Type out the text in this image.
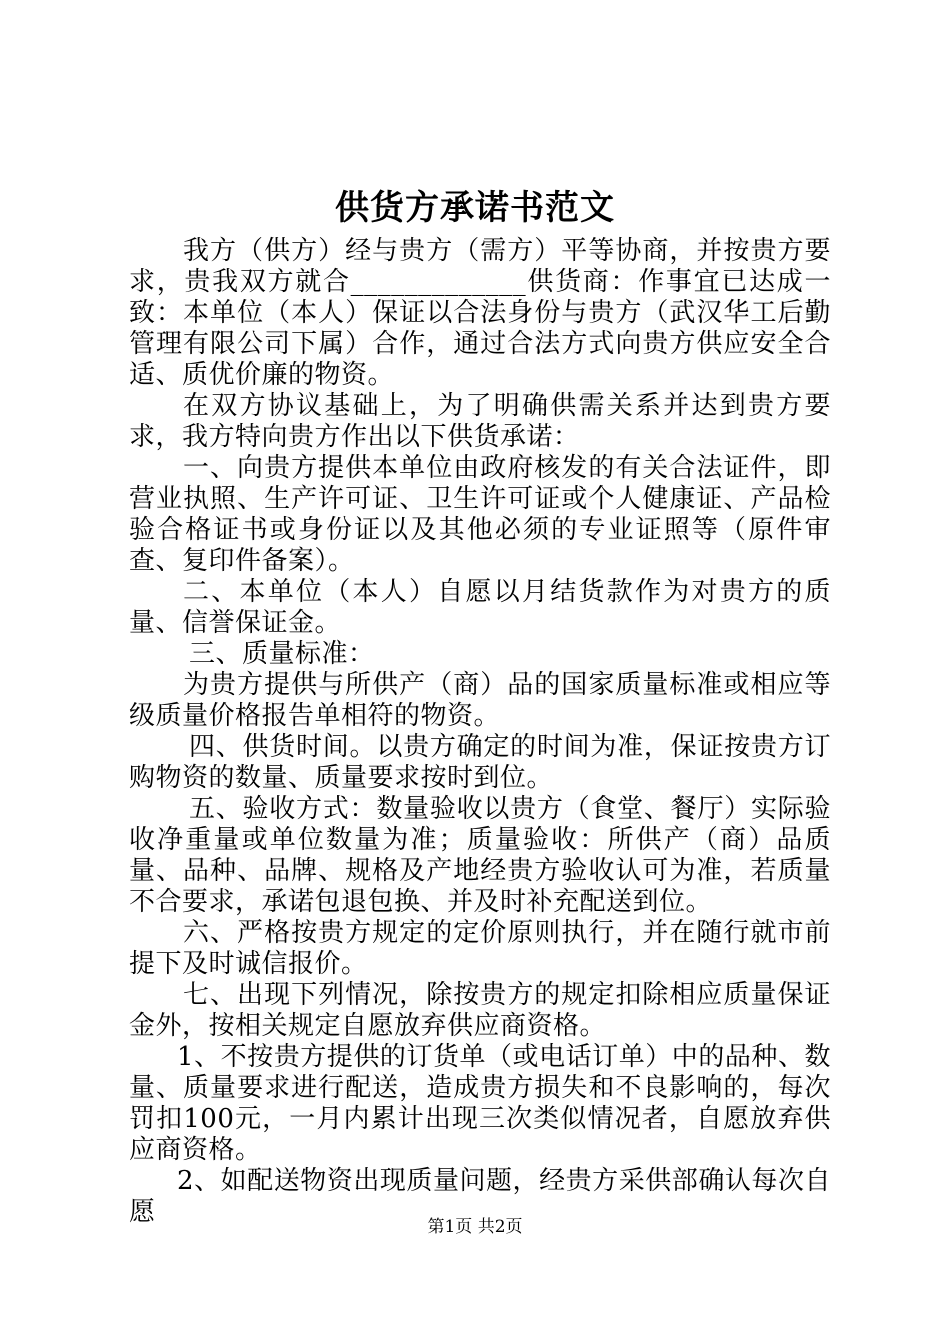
供货方承诺书范文

我方（供方）经与贵方（需方）平等协商，并按贵方要求，贵我双方就合_____________供货商：作事宜已达成一致：本单位（本人）保证以合法身份与贵方（武汉华工后勤管理有限公司下属）合作，通过合法方式向贵方供应安全合适、质优价廉的物资。

在双方协议基础上，为了明确供需关系并达到贵方要求，我方特向贵方作出以下供货承诺：

一、向贵方提供本单位由政府核发的有关合法证件，即营业执照、生产许可证、卫生许可证或个人健康证、产品检验合格证书或身份证以及其他必须的专业证照等（原件审查、复印件备案）。

二、本单位（本人）自愿以月结货款作为对贵方的质量、信誉保证金。

三、质量标准：

为贵方提供与所供产（商）品的国家质量标准或相应等级质量价格报告单相符的物资。

四、供货时间。以贵方确定的时间为准，保证按贵方订购物资的数量、质量要求按时到位。

五、验收方式：数量验收以贵方（食堂、餐厅）实际验收净重量或单位数量为准；质量验收：所供产（商）品质量、品种、品牌、规格及产地经贵方验收认可为准，若质量不合要求，承诺包退包换、并及时补充配送到位。

六、严格按贵方规定的定价原则执行，并在随行就市前提下及时诚信报价。

七、出现下列情况，除按贵方的规定扣除相应质量保证金外，按相关规定自愿放弃供应商资格。

1、不按贵方提供的订货单（或电话订单）中的品种、数量、质量要求进行配送，造成贵方损失和不良影响的，每次罚扣100元，一月内累计出现三次类似情况者，自愿放弃供应商资格。

2、如配送物资出现质量问题，经贵方采供部确认每次自愿	第1页 共2页
